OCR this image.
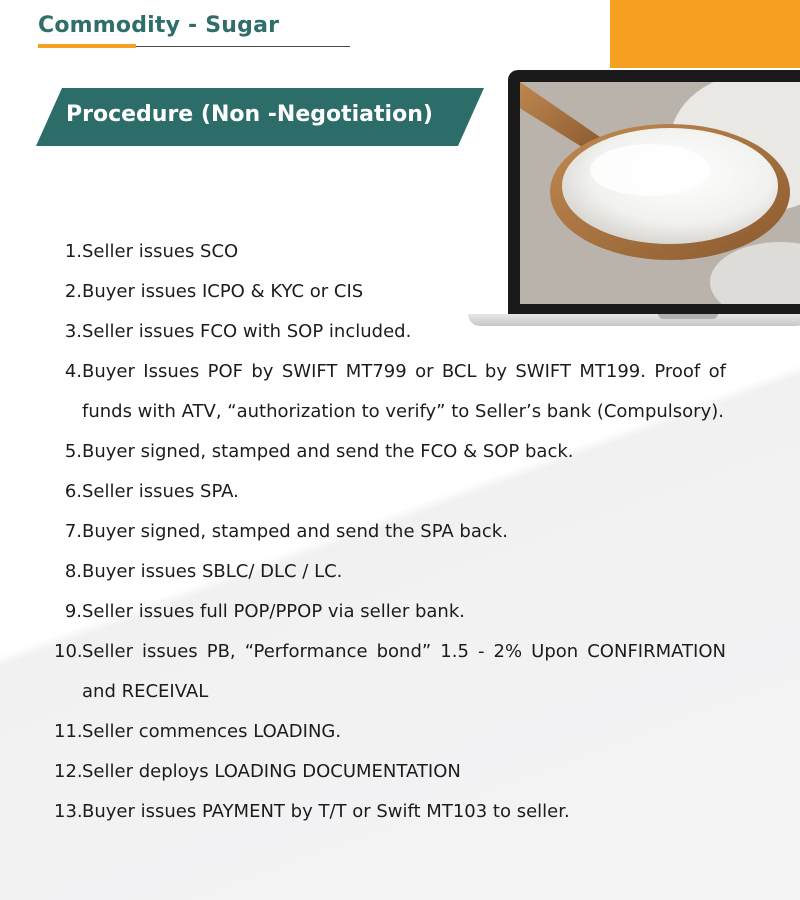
Commodity - Sugar
Procedure (Non -Negotiation)
1. Seller issues SCO
2. Buyer issues ICPO & KYC or CIS
3. Seller issues FCO with SOP included.
4. Buyer Issues POF by SWIFT MT799 or BCL by SWIFT MT199. Proof of funds with ATV, “authorization to verify” to Seller’s bank (Compulsory).
5. Buyer signed, stamped and send the FCO & SOP back.
6. Seller issues SPA.
7. Buyer signed, stamped and send the SPA back.
8. Buyer issues SBLC/ DLC / LC.
9. Seller issues full POP/PPOP via seller bank.
10. Seller issues PB, “Performance bond” 1.5 - 2% Upon CONFIRMATION and RECEIVAL
11. Seller commences LOADING.
12. Seller deploys LOADING DOCUMENTATION
13. Buyer issues PAYMENT by T/T or Swift MT103 to seller.
